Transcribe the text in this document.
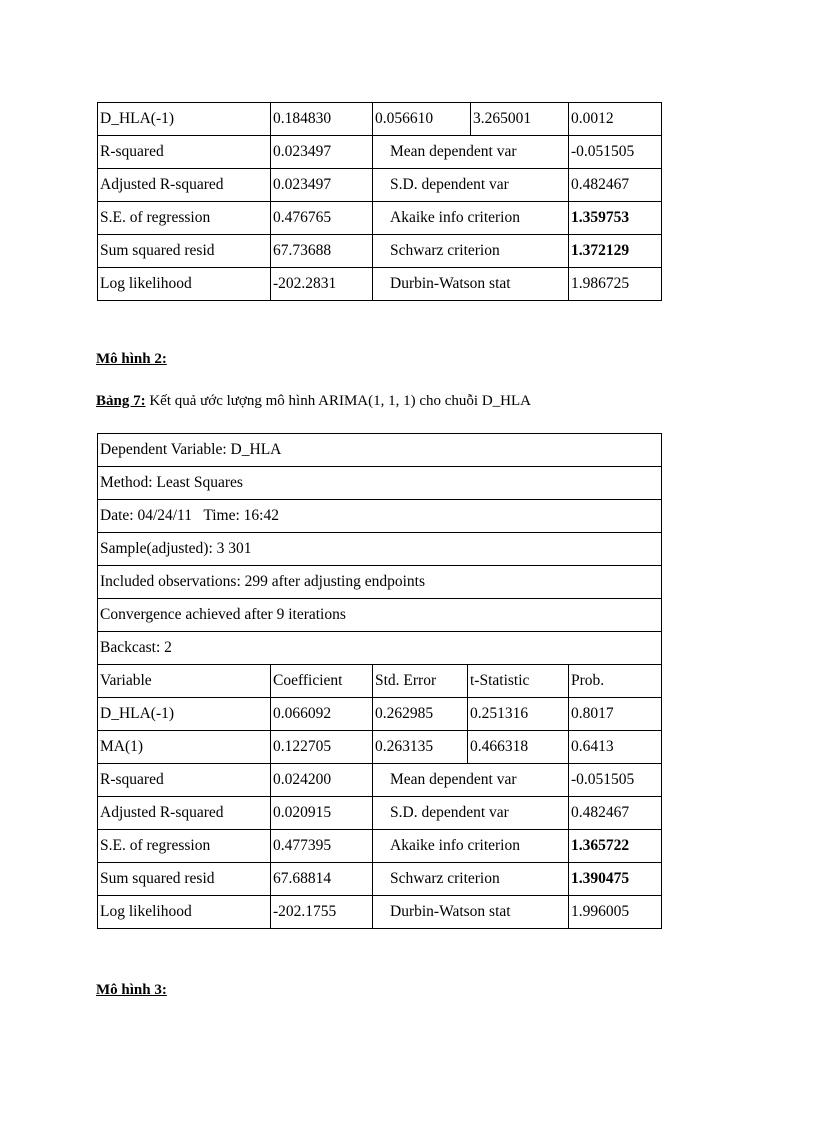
D_HLA(-1)	0.184830	0.056610	3.265001	0.0012
R-squared	0.023497	Mean dependent var		-0.051505
Adjusted R-squared	0.023497	S.D. dependent var		0.482467
S.E. of regression	0.476765	Akaike info criterion		1.359753
Sum squared resid	67.73688	Schwarz criterion		1.372129
Log likelihood	-202.2831	Durbin-Watson stat		1.986725
Mô hình 2:
Bảng 7: Kết quả ước lượng mô hình ARIMA(1, 1, 1) cho chuỗi D_HLA
Dependent Variable: D_HLA				
Method: Least Squares				
Date: 04/24/11   Time: 16:42				
Sample(adjusted): 3 301				
Included observations: 299 after adjusting endpoints				
Convergence achieved after 9 iterations				
Backcast: 2				
Variable	Coefficient	Std. Error	t-Statistic	Prob.
D_HLA(-1)	0.066092	0.262985	0.251316	0.8017
MA(1)	0.122705	0.263135	0.466318	0.6413
R-squared	0.024200	Mean dependent var		-0.051505
Adjusted R-squared	0.020915	S.D. dependent var		0.482467
S.E. of regression	0.477395	Akaike info criterion		1.365722
Sum squared resid	67.68814	Schwarz criterion		1.390475
Log likelihood	-202.1755	Durbin-Watson stat		1.996005
Mô hình 3:
